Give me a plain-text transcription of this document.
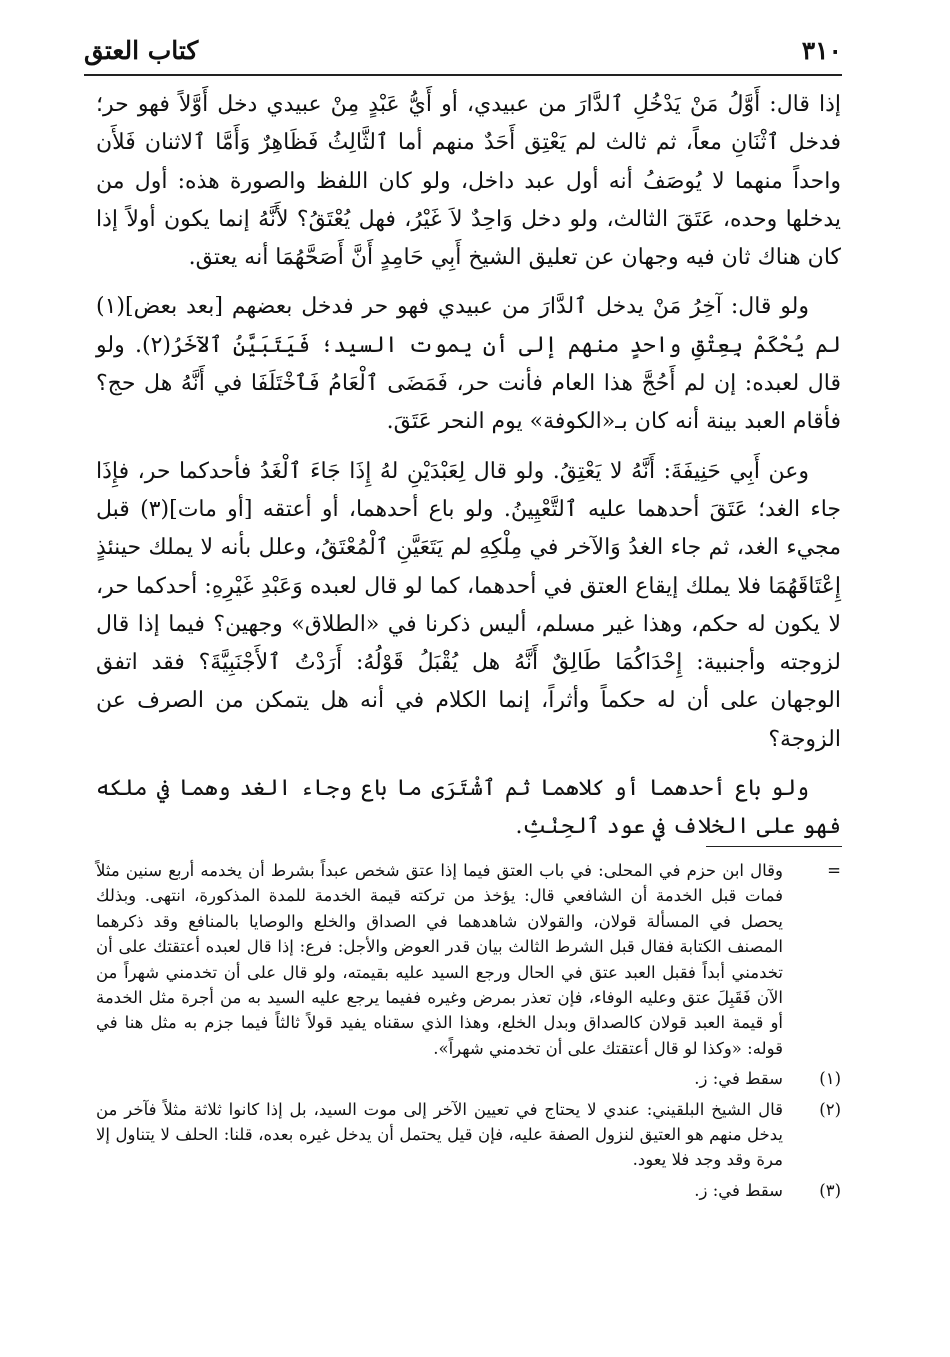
٣١٠
كتاب العتق

إذا قال: أَوَّلُ مَنْ يَدْخُلِ ٱلدَّارَ من عبيدي، أو أَيُّ عَبْدٍ مِنْ عبيدي دخل أَوَّلاً فهو حر؛ فدخل ٱثْنَانِ معاً، ثم ثالث لم يَعْتِق أَحَدٌ منهم أما ٱلثَّالِثُ فَظَاهِرٌ وَأَمَّا ٱلاثنان فَلأَن واحداً منهما لا يُوصَفُ أنه أول عبد داخل، ولو كان اللفظ والصورة هذه: أول من يدخلها وحده، عَتَقَ الثالث، ولو دخل وَاحِدٌ لاَ غَيْرُ، فهل يُعْتَقُ؟ لأَنَّهُ إنما يكون أولاً إذا كان هناك ثان فيه وجهان عن تعليق الشيخ أَبِي حَامِدٍ أَنَّ أَصَحَّهُمَا أنه يعتق.

ولو قال: آخِرُ مَنْ يدخل ٱلدَّارَ من عبيدي فهو حر فدخل بعضهم [بعد بعض](١) لم يُحْكَمْ بِعِتْقِ واحدٍ منهم إلى أن يموت السيد؛ فَيَتَبَيَّنُ ٱلآخَرُ(٢). ولو قال لعبده: إن لم أَحُجَّ هذا العام فأنت حر، فَمَضَى ٱلْعَامُ فَٱخْتَلَفَا في أَنَّهُ هل حج؟ فأقام العبد بينة أنه كان بـ«الكوفة» يوم النحر عَتَقَ.

وعن أَبِي حَنِيفَةَ: أَنَّهُ لا يَعْتِقُ. ولو قال لِعَبْدَيْنِ لهُ إِذَا جَاءَ ٱلْغَدُ فأحدكما حر، فإِذَا جاء الغد؛ عَتَقَ أحدهما عليه ٱلتَّعْيِينُ. ولو باع أحدهما، أو أعتقه [أو مات](٣) قبل مجيء الغد، ثم جاء الغدُ وَالآخر في مِلْكِهِ لم يَتَعَيَّنِ ٱلْمُعْتَقُ، وعلل بأنه لا يملك حينئذٍ إِعْتَاقَهُمَا فلا يملك إيقاع العتق في أحدهما، كما لو قال لعبده وَعَبْدِ غَيْرِهِ: أحدكما حر، لا يكون له حكم، وهذا غير مسلم، أليس ذكرنا في «الطلاق» وجهين؟ فيما إذا قال لزوجته وأجنبية: إِحْدَاكُمَا طَالِقٌ أَنَّهُ هل يُقْبَلُ قَوْلُهُ: أَرَدْتُ ٱلأَجْنَبِيَّةَ؟ فقد اتفق الوجهان على أن له حكماً وأثراً، إنما الكلام في أنه هل يتمكن من الصرف عن الزوجة؟

ولو باع أحدهما أو كلاهما ثم ٱشْتَرَى ما باع وجاء الغد وهما في ملكه فهو على الخلاف في عود ٱلحِنْثِ.

=
وقال ابن حزم في المحلى: في باب العتق فيما إذا عتق شخص عبداً بشرط أن يخدمه أربع سنين مثلاً فمات قبل الخدمة أن الشافعي قال: يؤخذ من تركته قيمة الخدمة للمدة المذكورة، انتهى. وبذلك يحصل في المسألة قولان، والقولان شاهدهما في الصداق والخلع والوصايا بالمنافع وقد ذكرهما المصنف الكتابة فقال قبل الشرط الثالث بيان قدر العوض والأجل: فرع: إذا قال لعبده أعتقتك على أن تخدمني أبداً فقبل العبد عتق في الحال ورجع السيد عليه بقيمته، ولو قال على أن تخدمني شهراً من الآن فَقَبِلَ عتق وعليه الوفاء، فإن تعذر بمرض وغيره ففيما يرجع عليه السيد به من أجرة مثل الخدمة أو قيمة العبد قولان كالصداق وبدل الخلع، وهذا الذي سقناه يفيد قولاً ثالثاً فيما جزم به مثل هنا في قوله: «وكذا لو قال أعتقتك على أن تخدمني شهراً».
(١)
سقط في: ز.
(٢)
قال الشيخ البلقيني: عندي لا يحتاج في تعيين الآخر إلى موت السيد، بل إذا كانوا ثلاثة مثلاً فآخر من يدخل منهم هو العتيق لنزول الصفة عليه، فإن قيل يحتمل أن يدخل غيره بعده، قلنا: الحلف لا يتناول إلا مرة وقد وجد فلا يعود.
(٣)
سقط في: ز.
